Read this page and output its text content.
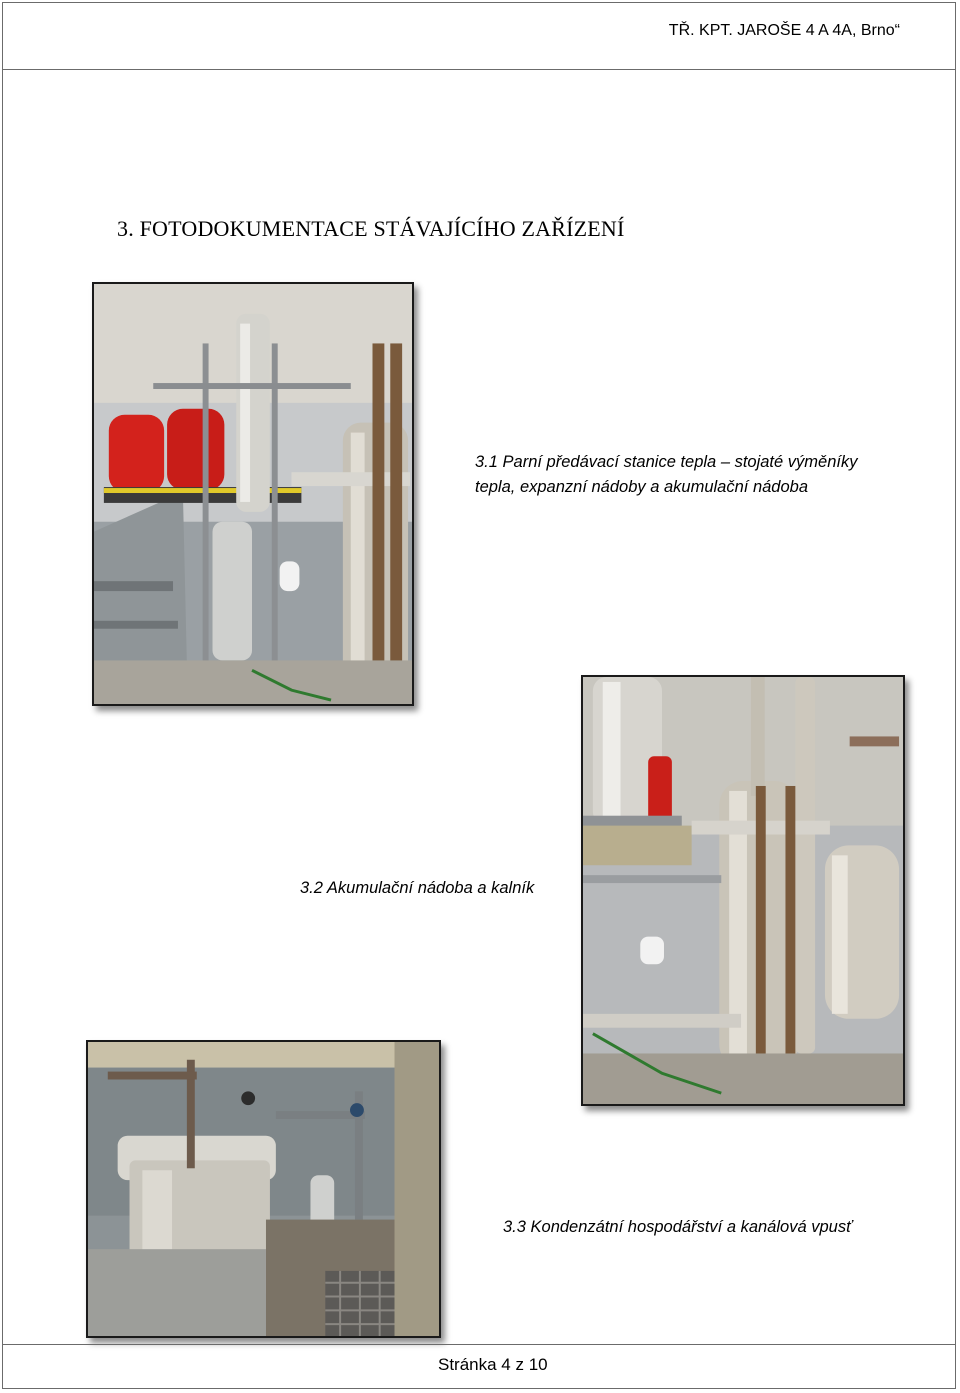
TŘ. KPT. JAROŠE 4 A 4A, Brno“
3. FOTODOKUMENTACE STÁVAJÍCÍHO ZAŘÍZENÍ
3.1 Parní předávací stanice tepla – stojaté výměníky
tepla, expanzní nádoby a akumulační nádoba
3.2 Akumulační nádoba a kalník
3.3 Kondenzátní hospodářství a kanálová vpusť
Stránka 4 z 10
